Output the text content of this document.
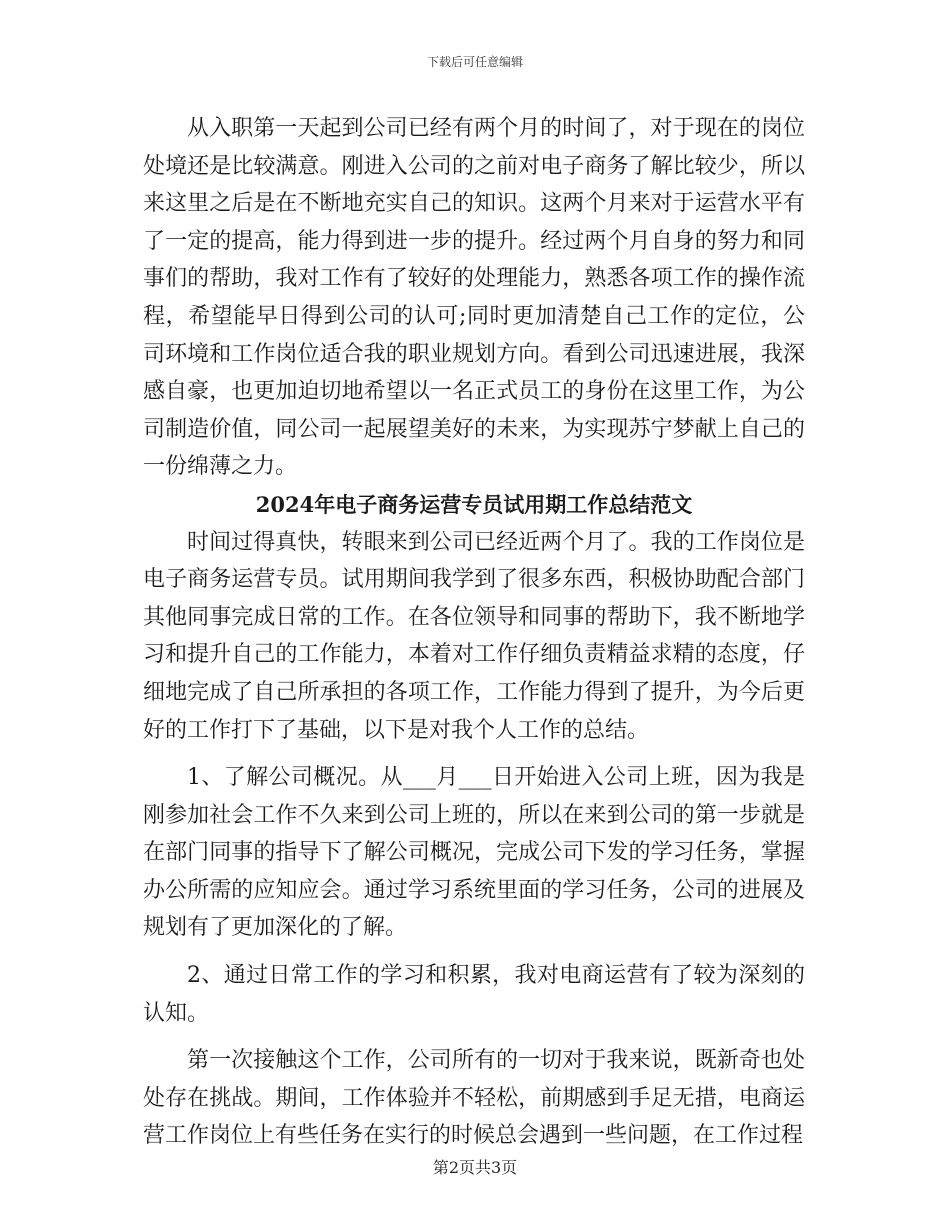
下载后可任意编辑

从入职第一天起到公司已经有两个月的时间了，对于现在的岗位处境还是比较满意。刚进入公司的之前对电子商务了解比较少，所以来这里之后是在不断地充实自己的知识。这两个月来对于运营水平有了一定的提高，能力得到进一步的提升。经过两个月自身的努力和同事们的帮助，我对工作有了较好的处理能力，熟悉各项工作的操作流程，希望能早日得到公司的认可;同时更加清楚自己工作的定位，公司环境和工作岗位适合我的职业规划方向。看到公司迅速进展，我深感自豪，也更加迫切地希望以一名正式员工的身份在这里工作，为公司制造价值，同公司一起展望美好的未来，为实现苏宁梦献上自己的一份绵薄之力。

2024年电子商务运营专员试用期工作总结范文

时间过得真快，转眼来到公司已经近两个月了。我的工作岗位是电子商务运营专员。试用期间我学到了很多东西，积极协助配合部门其他同事完成日常的工作。在各位领导和同事的帮助下，我不断地学习和提升自己的工作能力，本着对工作仔细负责精益求精的态度，仔细地完成了自己所承担的各项工作，工作能力得到了提升，为今后更好的工作打下了基础，以下是对我个人工作的总结。

1、了解公司概况。从___月___日开始进入公司上班，因为我是刚参加社会工作不久来到公司上班的，所以在来到公司的第一步就是在部门同事的指导下了解公司概况，完成公司下发的学习任务，掌握办公所需的应知应会。通过学习系统里面的学习任务，公司的进展及规划有了更加深化的了解。

2、通过日常工作的学习和积累，我对电商运营有了较为深刻的认知。

第一次接触这个工作，公司所有的一切对于我来说，既新奇也处处存在挑战。期间，工作体验并不轻松，前期感到手足无措，电商运营工作岗位上有些任务在实行的时候总会遇到一些问题，在工作过程

第2页共3页
